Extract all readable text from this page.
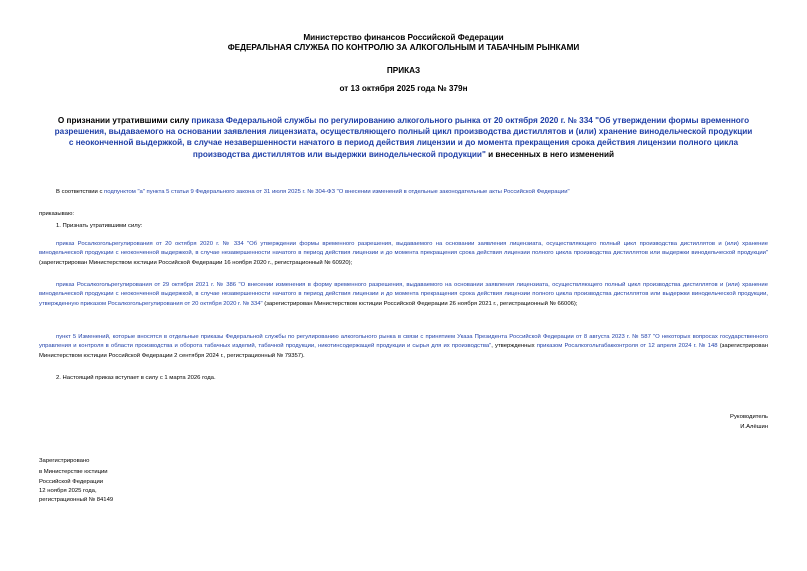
Министерство финансов Российской Федерации
ФЕДЕРАЛЬНАЯ СЛУЖБА ПО КОНТРОЛЮ ЗА АЛКОГОЛЬНЫМ И ТАБАЧНЫМ РЫНКАМИ
ПРИКАЗ
от 13 октября 2025 года № 379н
О признании утратившими силу приказа Федеральной службы по регулированию алкогольного рынка от 20 октября 2020 г. № 334 "Об утверждении формы временного разрешения, выдаваемого на основании заявления лицензиата, осуществляющего полный цикл производства дистиллятов и (или) хранение винодельческой продукции с неоконченной выдержкой, в случае незавершенности начатого в период действия лицензии и до момента прекращения срока действия лицензии полного цикла производства дистиллятов или выдержки винодельческой продукции" и внесенных в него изменений
В соответствии с подпунктом "а" пункта 5 статьи 9 Федерального закона от 31 июля 2025 г. № 304-ФЗ "О внесении изменений в отдельные законодательные акты Российской Федерации"
приказываю:
1. Признать утратившими силу:
приказ Росалкогольрегулирования от 20 октября 2020 г. № 334 "Об утверждении формы временного разрешения, выдаваемого на основании заявления лицензиата, осуществляющего полный цикл производства дистиллятов и (или) хранение винодельческой продукции с неоконченной выдержкой, в случае незавершенности начатого в период действия лицензии и до момента прекращения срока действия лицензии полного цикла производства дистиллятов или выдержки винодельческой продукции" (зарегистрирован Министерством юстиции Российской Федерации 16 ноября 2020 г., регистрационный № 60920);
приказ Росалкогольрегулирования от 29 октября 2021 г. № 386 "О внесении изменения в форму временного разрешения, выдаваемого на основании заявления лицензиата, осуществляющего полный цикл производства дистиллятов и (или) хранение винодельческой продукции с неоконченной выдержкой, в случае незавершенности начатого в период действия лицензии и до момента прекращения срока действия лицензии полного цикла производства дистиллятов или выдержки винодельческой продукции, утвержденную приказом Росалкогольрегулирования от 20 октября 2020 г. № 334" (зарегистрирован Министерством юстиции Российской Федерации 26 ноября 2021 г., регистрационный № 66006);
пункт 5 Изменений, которые вносятся в отдельные приказы Федеральной службы по регулированию алкогольного рынка в связи с принятием Указа Президента Российской Федерации от 8 августа 2023 г. № 587 "О некоторых вопросах государственного управления и контроля в области производства и оборота табачных изделий, табачной продукции, никотинсодержащей продукции и сырья для их производства", утвержденных приказом Росалкогольтабакконтроля от 12 апреля 2024 г. № 148 (зарегистрирован Министерством юстиции Российской Федерации 2 сентября 2024 г., регистрационный № 79357).
2. Настоящий приказ вступает в силу с 1 марта 2026 года.
Руководитель
И.Алёшин
Зарегистрировано
в Министерстве юстиции
Российской Федерации
12 ноября 2025 года,
регистрационный № 84149
